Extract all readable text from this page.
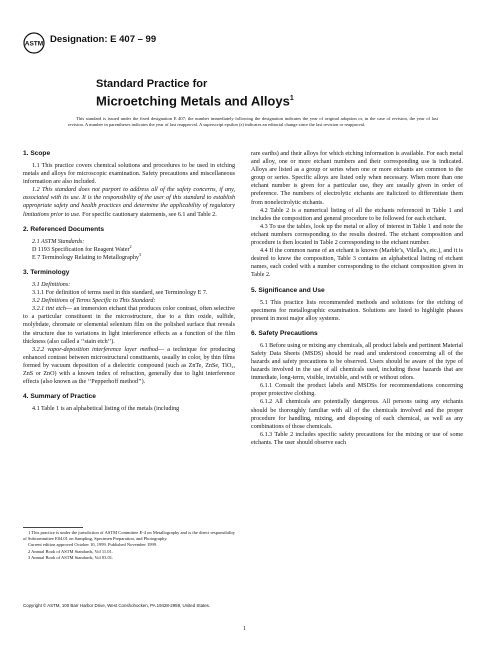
ASTM Designation: E 407 – 99
Standard Practice for
Microetching Metals and Alloys$^1$
This standard is issued under the fixed designation E 407; the number immediately following the designation indicates the year of original adoption or, in the case of revision, the year of last revision. A number in parentheses indicates the year of last reapproval. A superscript epsilon (ε) indicates an editorial change since the last revision or reapproval.
1. Scope

1.1 This practice covers chemical solutions and procedures to be used in etching metals and alloys for microscopic examination. Safety precautions and miscellaneous information are also included.

1.2 This standard does not purport to address all of the safety concerns, if any, associated with its use. It is the responsibility of the user of this standard to establish appropriate safety and health practices and determine the applicability of regulatory limitations prior to use. For specific cautionary statements, see 6.1 and Table 2.

2. Referenced Documents

2.1 ASTM Standards:

D 1193 Specification for Reagent Water$^2$

E 7 Terminology Relating to Metallography$^3$

3. Terminology

3.1 Definitions:

3.1.1 For definition of terms used in this standard, see Terminology E 7.

3.2 Definitions of Terms Specific to This Standard:

3.2.1 tint etch— an immersion etchant that produces color contrast, often selective to a particular constituent in the microstructure, due to a thin oxide, sulfide, molybdate, chromate or elemental selenium film on the polished surface that reveals the structure due to variations in light interference effects as a function of the film thickness (also called a ‘‘stain etch’’).

3.2.2 vapor-deposition interference layer method— a technique for producing enhanced contrast between microstructural constituents, usually in color, by thin films formed by vacuum deposition of a dielectric compound (such as ZnTe, ZnSe, TiO₂, ZnS or ZnO) with a known index of refraction, generally due to light interference effects (also known as the ‘‘Pepperhoff method’’).

4. Summary of Practice

4.1 Table 1 is an alphabetical listing of the metals (including

1 This practice is under the jurisdiction of ASTM Committee E-4 on Metallography and is the direct responsibility of Subcommittee E04.01 on Sampling, Specimen Preparation, and Photography.

Current edition approved October 10, 1999. Published November 1999.

2 Annual Book of ASTM Standards, Vol 11.01.

3 Annual Book of ASTM Standards, Vol 03.01.

rare earths) and their alloys for which etching information is available. For each metal and alloy, one or more etchant numbers and their corresponding use is indicated. Alloys are listed as a group or series when one or more etchants are common to the group or series. Specific alloys are listed only when necessary. When more than one etchant number is given for a particular use, they are usually given in order of preference. The numbers of electrolytic etchants are italicized to differentiate them from nonelectrolytic etchants.

4.2 Table 2 is a numerical listing of all the etchants referenced in Table 1 and includes the composition and general procedure to be followed for each etchant.

4.3 To use the tables, look up the metal or alloy of interest in Table 1 and note the etchant numbers corresponding to the results desired. The etchant composition and procedure is then located in Table 2 corresponding to the etchant number.

4.4 If the common name of an etchant is known (Marble’s, Vilella’s, etc.), and it is desired to know the composition, Table 3 contains an alphabetical listing of etchant names, each coded with a number corresponding to the etchant composition given in Table 2.

5. Significance and Use

5.1 This practice lists recommended methods and solutions for the etching of specimens for metallographic examination. Solutions are listed to highlight phases present in most major alloy systems.

6. Safety Precautions

6.1 Before using or mixing any chemicals, all product labels and pertinent Material Safety Data Sheets (MSDS) should be read and understood concerning all of the hazards and safety precautions to be observed. Users should be aware of the type of hazards involved in the use of all chemicals used, including those hazards that are immediate, long-term, visible, invisible, and with or without odors.

6.1.1 Consult the product labels and MSDSs for recommendations concerning proper protective clothing.

6.1.2 All chemicals are potentially dangerous. All persons using any etchants should be thoroughly familiar with all of the chemicals involved and the proper procedure for handling, mixing, and disposing of each chemical, as well as any combinations of those chemicals.

6.1.3 Table 2 includes specific safety precautions for the mixing or use of some etchants. The user should observe each

Copyright © ASTM, 100 Barr Harbor Drive, West Conshohocken, PA 19428-2959, United States.
1
